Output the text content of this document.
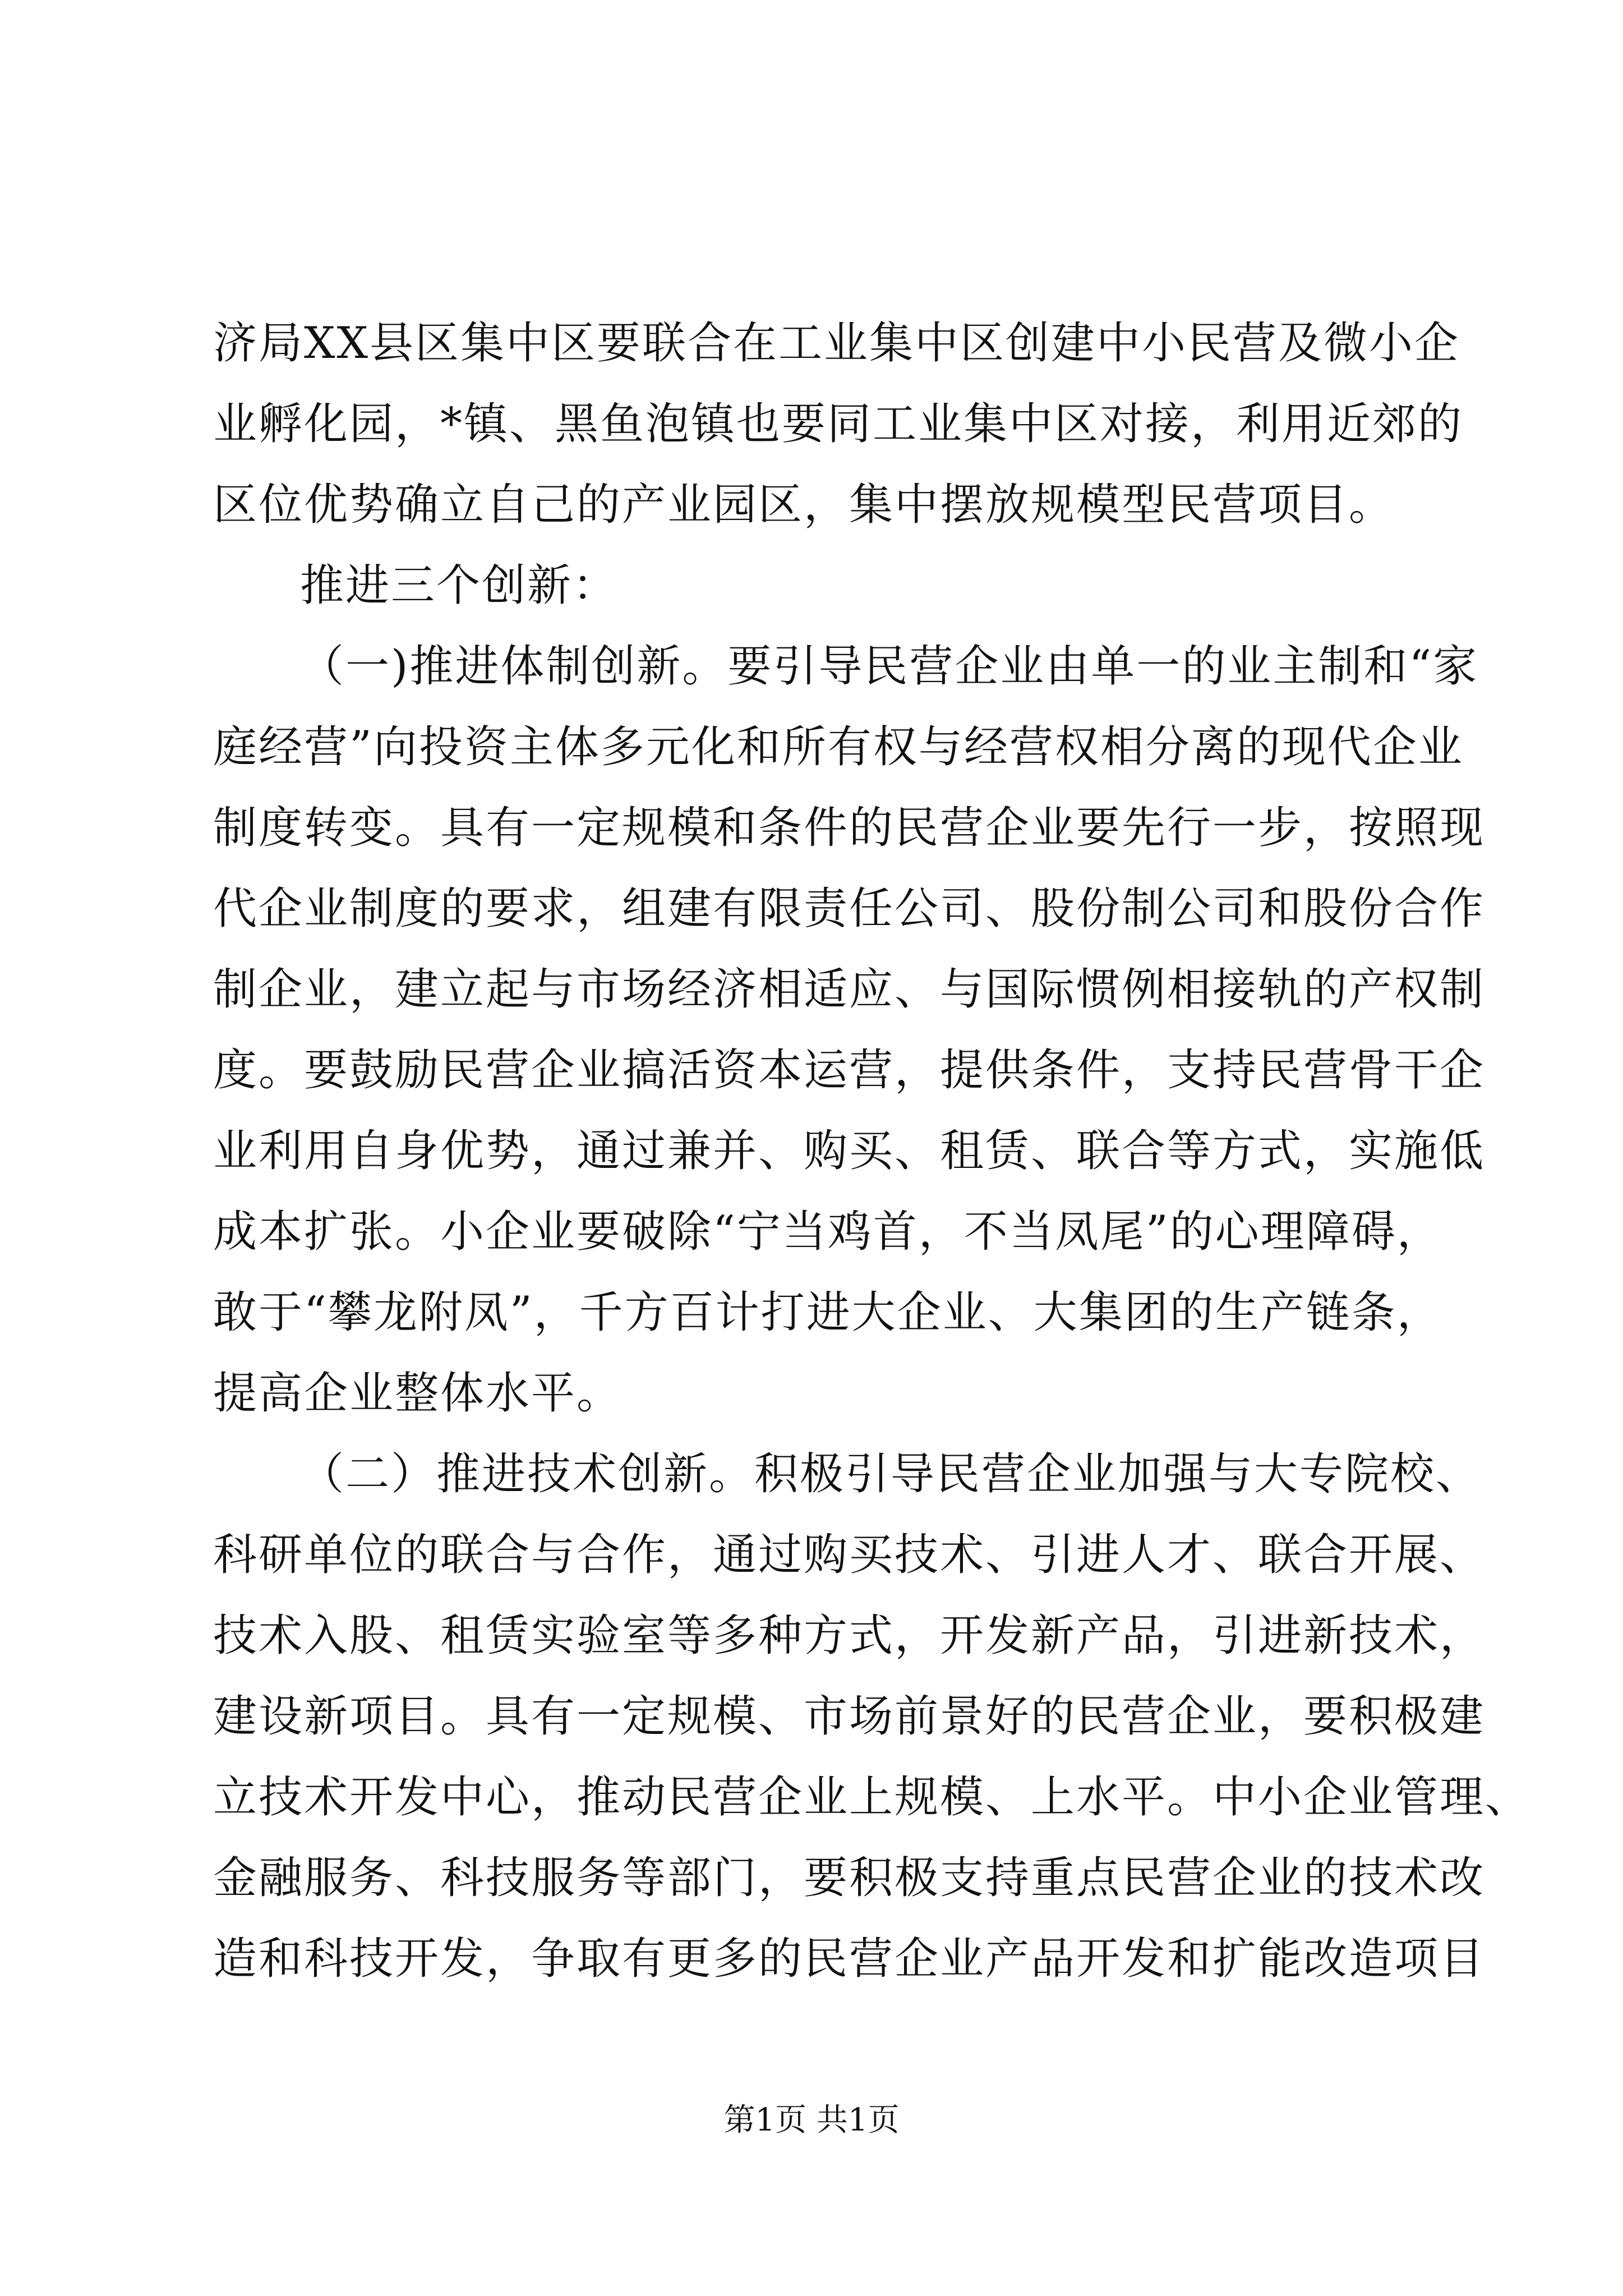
济局XX县区集中区要联合在工业集中区创建中小民营及微小企
业孵化园，*镇、黑鱼泡镇也要同工业集中区对接，利用近郊的
区位优势确立自己的产业园区，集中摆放规模型民营项目。
推进三个创新：
（一)推进体制创新。要引导民营企业由单一的业主制和“家
庭经营”向投资主体多元化和所有权与经营权相分离的现代企业
制度转变。具有一定规模和条件的民营企业要先行一步，按照现
代企业制度的要求，组建有限责任公司、股份制公司和股份合作
制企业，建立起与市场经济相适应、与国际惯例相接轨的产权制
度。要鼓励民营企业搞活资本运营，提供条件，支持民营骨干企
业利用自身优势，通过兼并、购买、租赁、联合等方式，实施低
成本扩张。小企业要破除“宁当鸡首，不当凤尾”的心理障碍，
敢于“攀龙附凤”，千方百计打进大企业、大集团的生产链条，
提高企业整体水平。
（二）推进技术创新。积极引导民营企业加强与大专院校、
科研单位的联合与合作，通过购买技术、引进人才、联合开展、
技术入股、租赁实验室等多种方式，开发新产品，引进新技术，
建设新项目。具有一定规模、市场前景好的民营企业，要积极建
立技术开发中心，推动民营企业上规模、上水平。中小企业管理、
金融服务、科技服务等部门，要积极支持重点民营企业的技术改
造和科技开发，争取有更多的民营企业产品开发和扩能改造项目
第1页 共1页
